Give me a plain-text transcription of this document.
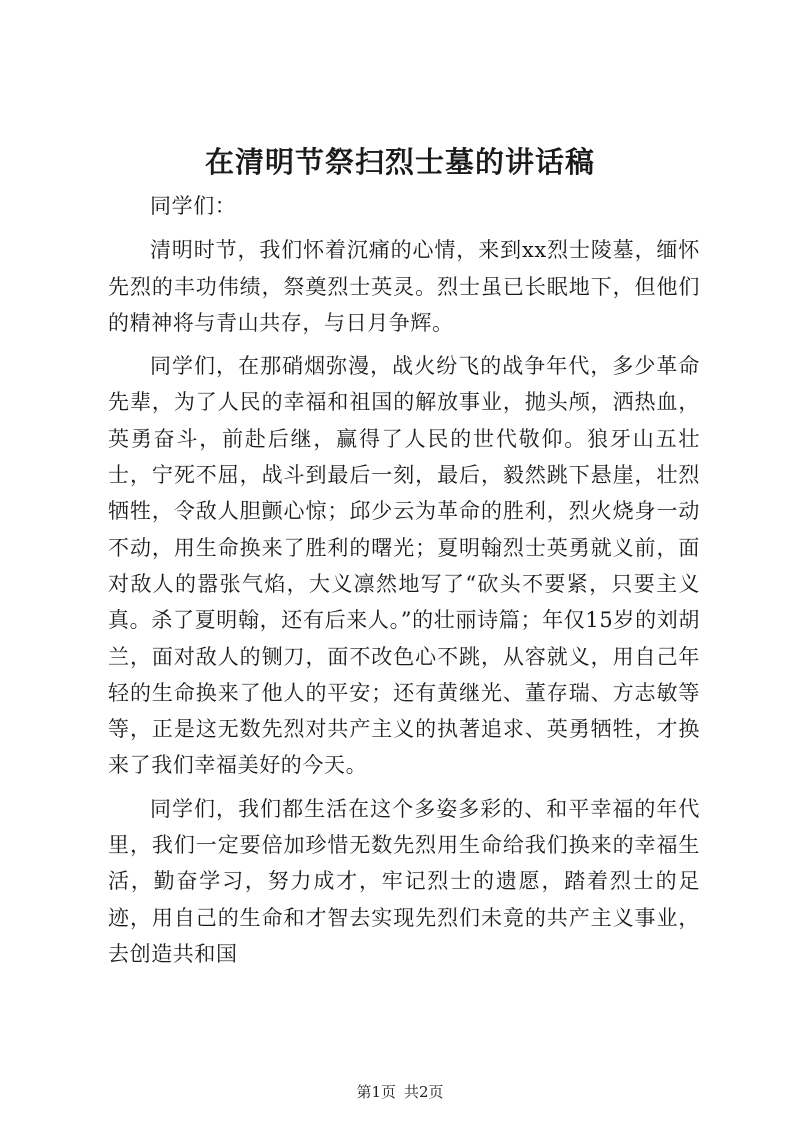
在清明节祭扫烈士墓的讲话稿

同学们：

清明时节，我们怀着沉痛的心情，来到xx烈士陵墓，缅怀先烈的丰功伟绩，祭奠烈士英灵。烈士虽已长眠地下，但他们的精神将与青山共存，与日月争辉。

同学们，在那硝烟弥漫，战火纷飞的战争年代，多少革命先辈，为了人民的幸福和祖国的解放事业，抛头颅，洒热血，英勇奋斗，前赴后继，赢得了人民的世代敬仰。狼牙山五壮士，宁死不屈，战斗到最后一刻，最后，毅然跳下悬崖，壮烈牺牲，令敌人胆颤心惊；邱少云为革命的胜利，烈火烧身一动不动，用生命换来了胜利的曙光；夏明翰烈士英勇就义前，面对敌人的嚣张气焰，大义凛然地写了“砍头不要紧，只要主义真。杀了夏明翰，还有后来人。”的壮丽诗篇；年仅15岁的刘胡兰，面对敌人的铡刀，面不改色心不跳，从容就义，用自己年轻的生命换来了他人的平安；还有黄继光、董存瑞、方志敏等等，正是这无数先烈对共产主义的执著追求、英勇牺牲，才换来了我们幸福美好的今天。

同学们，我们都生活在这个多姿多彩的、和平幸福的年代里，我们一定要倍加珍惜无数先烈用生命给我们换来的幸福生活，勤奋学习，努力成才，牢记烈士的遗愿，踏着烈士的足迹，用自己的生命和才智去实现先烈们未竟的共产主义事业，去创造共和国

第1页 共2页
